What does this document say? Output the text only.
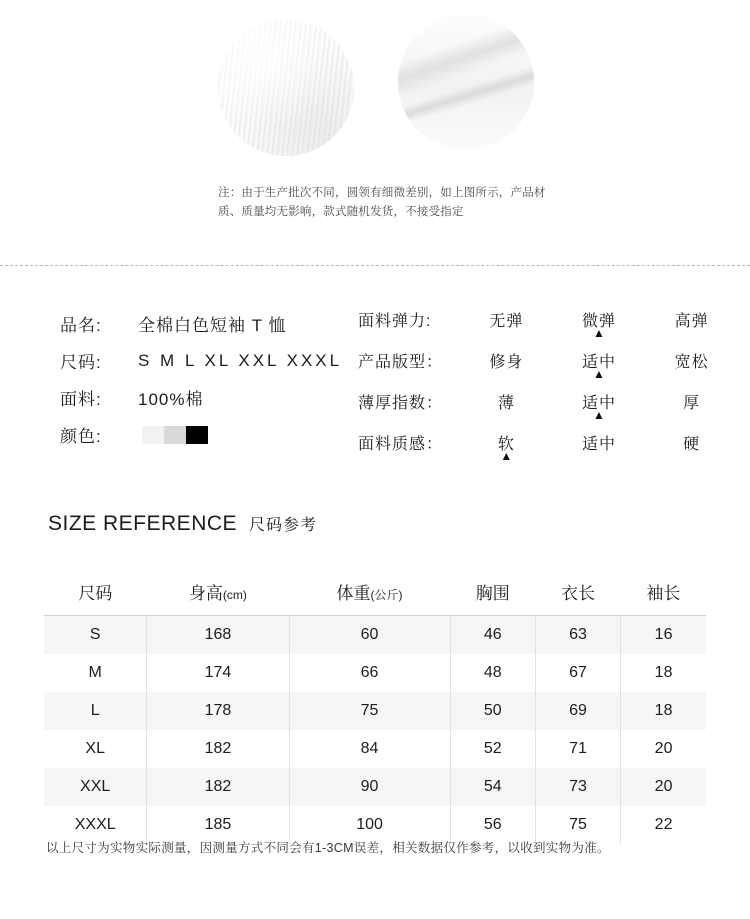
注：由于生产批次不同，圆领有细微差别，如上图所示，产品材质、质量均无影响，款式随机发货，不接受指定
品名:	全棉白色短袖 T 恤
尺码:	S M L XL XXL XXXL
面料:	100%棉
颜色:
面料弹力:	无弹	微弹	高弹
▲
产品版型：	修身	适中	宽松
▲
薄厚指数：	薄	适中	厚
▲
面料质感：	软	适中	硬
▲
SIZE REFERENCE 尺码参考
尺码	身高(cm)	体重(公斤)	胸围	衣长	袖长
S	168	60	46	63	16
M	174	66	48	67	18
L	178	75	50	69	18
XL	182	84	52	71	20
XXL	182	90	54	73	20
XXXL	185	100	56	75	22
以上尺寸为实物实际测量，因测量方式不同会有1-3CM误差，相关数据仅作参考，以收到实物为准。
